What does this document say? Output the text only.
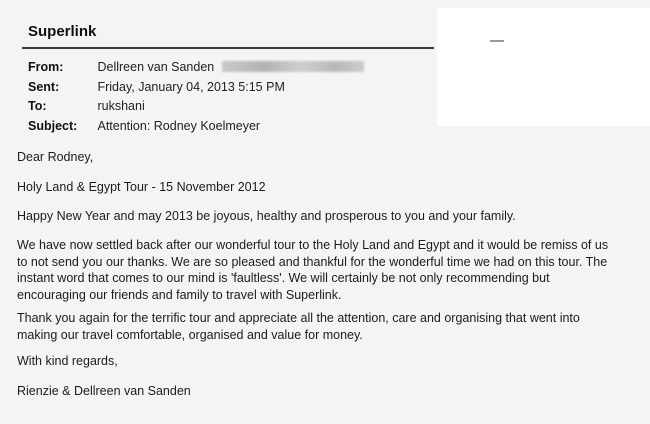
Superlink
From:	Dellreen van Sanden
Sent:	Friday, January 04, 2013 5:15 PM
To:	rukshani
Subject: Attention: Rodney Koelmeyer
Dear Rodney,
Holy Land & Egypt Tour - 15 November 2012
Happy New Year and may 2013 be joyous, healthy and prosperous to you and your family.
We have now settled back after our wonderful tour to the Holy Land and Egypt and it would be remiss of us
to not send you our thanks. We are so pleased and thankful for the wonderful time we had on this tour. The
instant word that comes to our mind is 'faultless'. We will certainly be not only recommending but
encouraging our friends and family to travel with Superlink.
Thank you again for the terrific tour and appreciate all the attention, care and organising that went into
making our travel comfortable, organised and value for money.
With kind regards,
Rienzie & Dellreen van Sanden
